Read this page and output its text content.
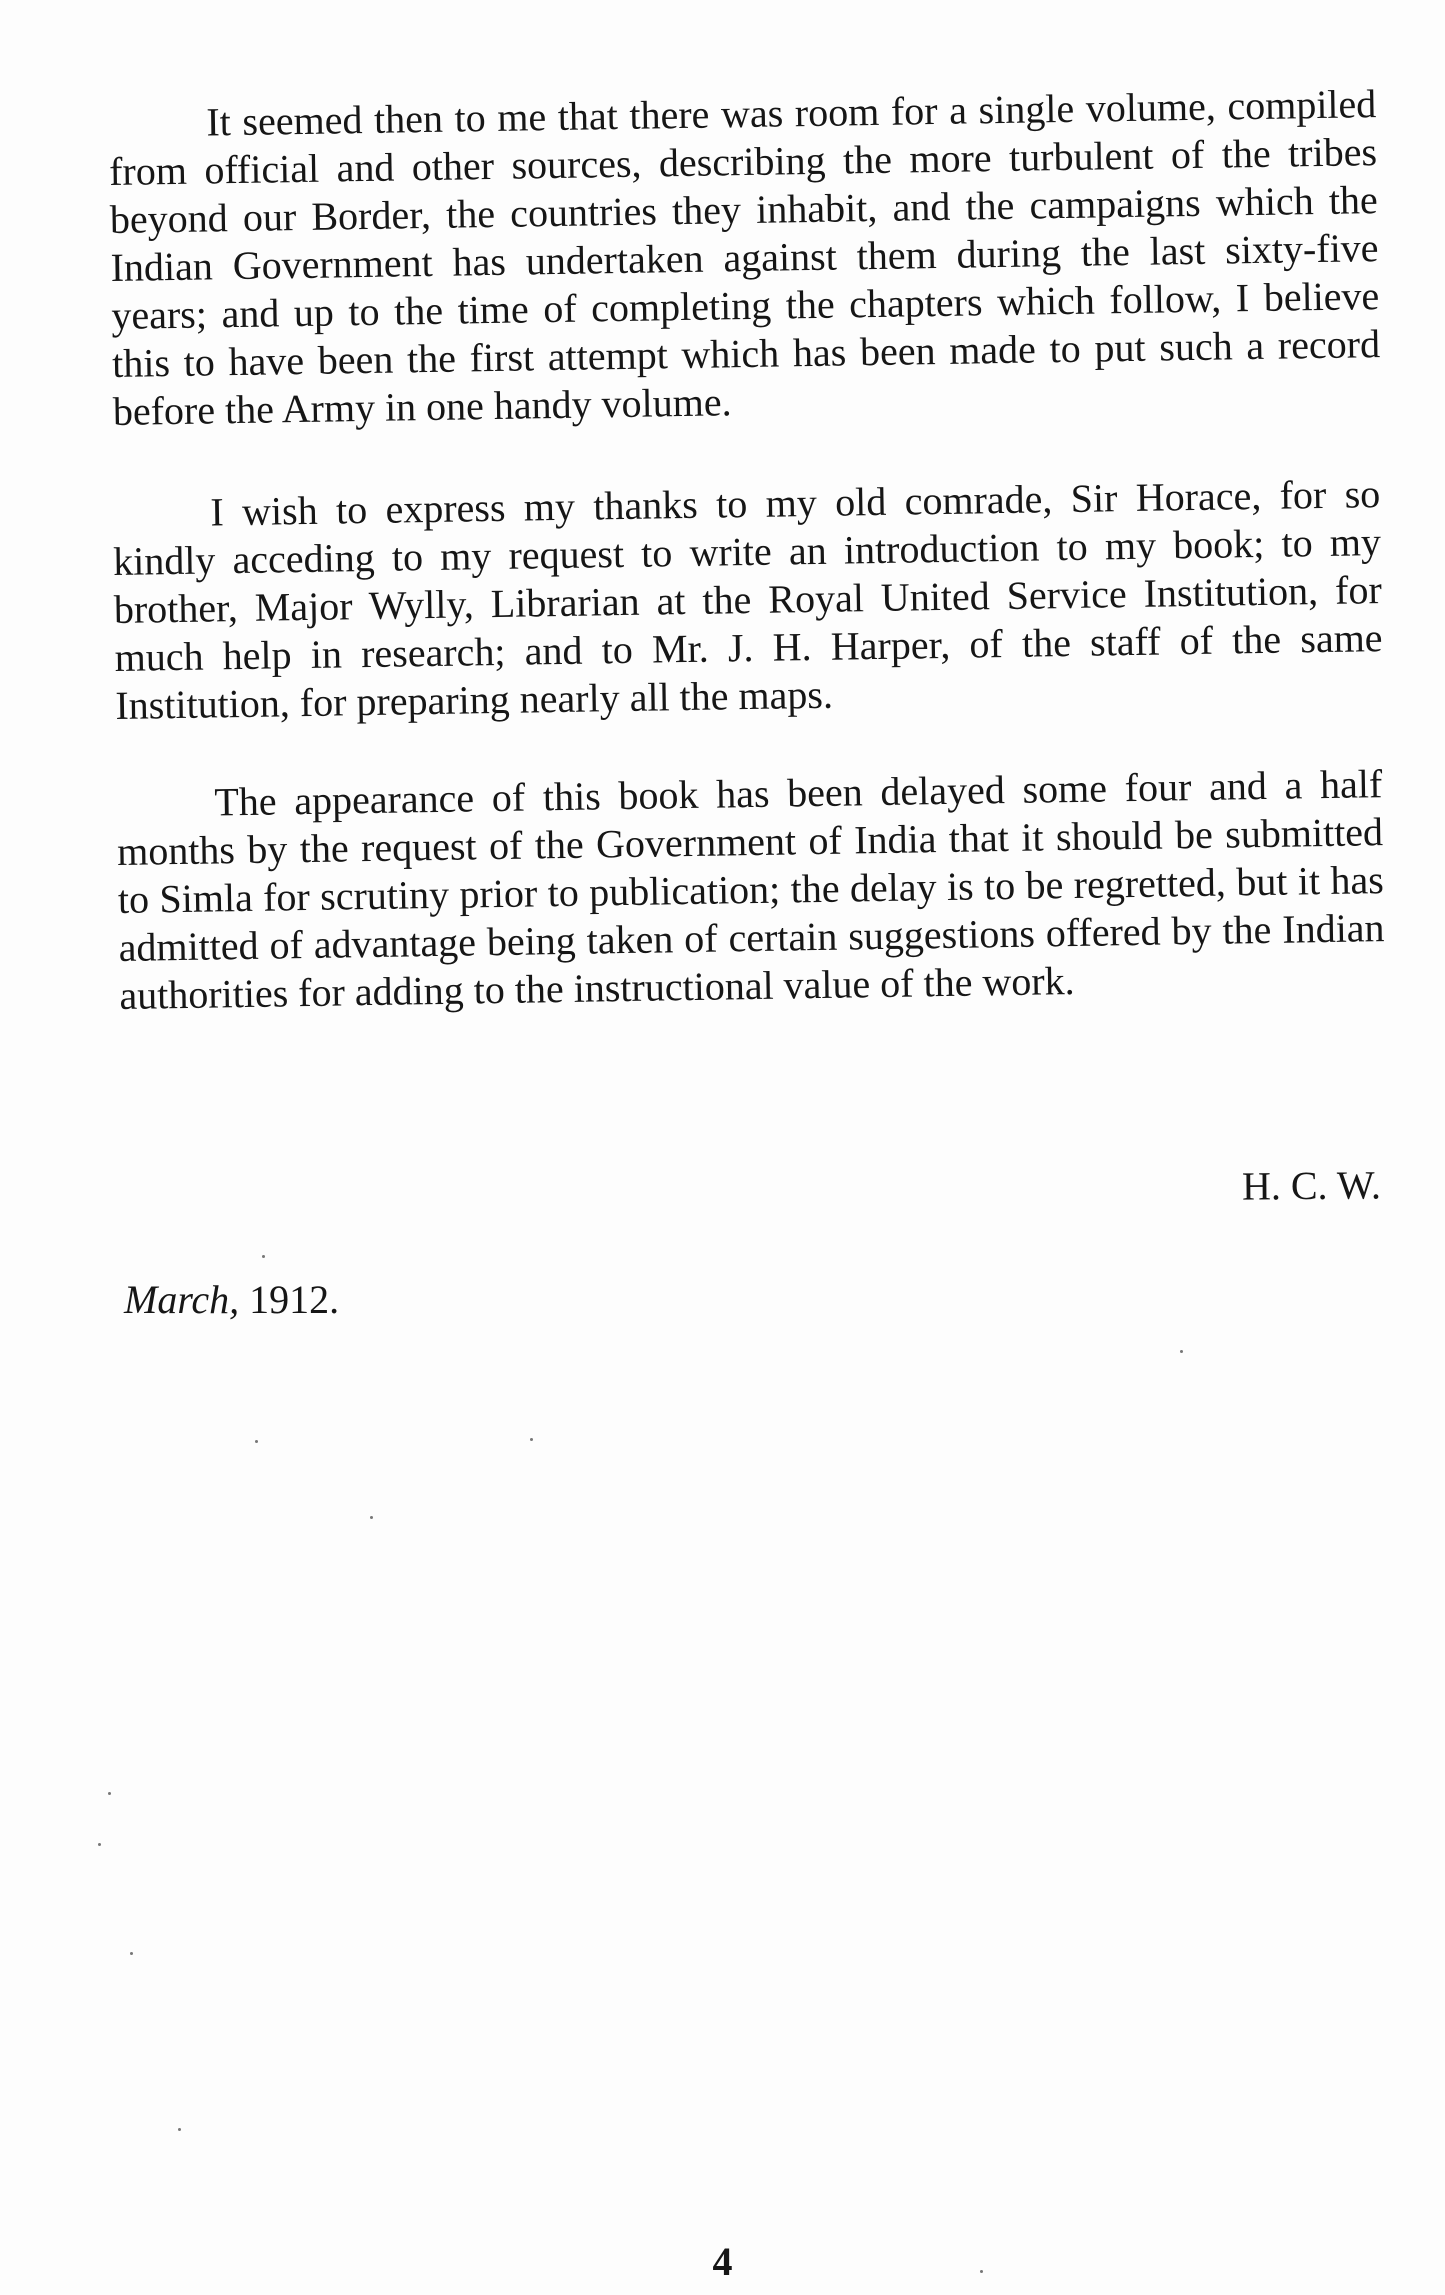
It seemed then to me that there was room for a single volume, compiled from official and other sources, describing the more turbulent of the tribes beyond our Border, the countries they inhabit, and the campaigns which the Indian Government has undertaken against them during the last sixty-five years; and up to the time of completing the chapters which follow, I believe this to have been the first attempt which has been made to put such a record before the Army in one handy volume.

I wish to express my thanks to my old comrade, Sir Horace, for so kindly acceding to my request to write an introduction to my book; to my brother, Major Wylly, Librarian at the Royal United Service Institution, for much help in research; and to Mr. J. H. Harper, of the staff of the same Institution, for preparing nearly all the maps.

The appearance of this book has been delayed some four and a half months by the request of the Government of India that it should be submitted to Simla for scrutiny prior to publication; the delay is to be regretted, but it has admitted of advantage being taken of certain suggestions offered by the Indian authorities for adding to the instructional value of the work.

H. C. W.

March, 1912.

4
